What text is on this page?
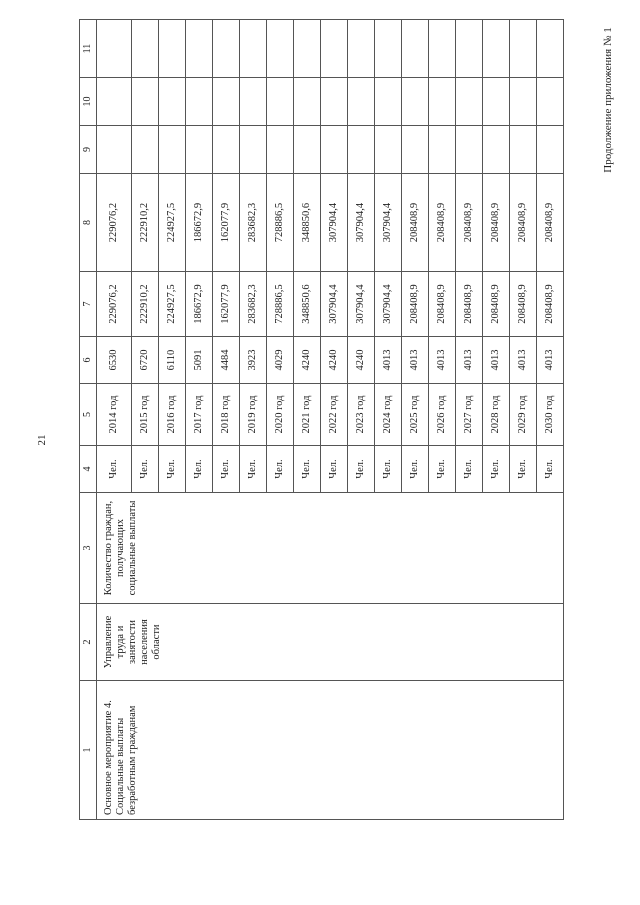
21
Продолжение приложения № 1
1	2	3	4	5	6	7	8	9	10	11
Основное мероприятие 4. Социальные выплаты безработным гражданам	Управление труда и занятости населения области	Количество граждан, получающих социальные выплаты	Чел.	2014 год	6530	229076,2	229076,2			
			Чел.	2015 год	6720	222910,2	222910,2			
			Чел.	2016 год	6110	224927,5	224927,5			
			Чел.	2017 год	5091	186672,9	186672,9			
			Чел.	2018 год	4484	162077,9	162077,9			
			Чел.	2019 год	3923	283682,3	283682,3			
			Чел.	2020 год	4029	728886,5	728886,5			
			Чел.	2021 год	4240	348850,6	348850,6			
			Чел.	2022 год	4240	307904,4	307904,4			
			Чел.	2023 год	4240	307904,4	307904,4			
			Чел.	2024 год	4013	307904,4	307904,4			
			Чел.	2025 год	4013	208408,9	208408,9			
			Чел.	2026 год	4013	208408,9	208408,9			
			Чел.	2027 год	4013	208408,9	208408,9			
			Чел.	2028 год	4013	208408,9	208408,9			
			Чел.	2029 год	4013	208408,9	208408,9			
			Чел.	2030 год	4013	208408,9	208408,9			
